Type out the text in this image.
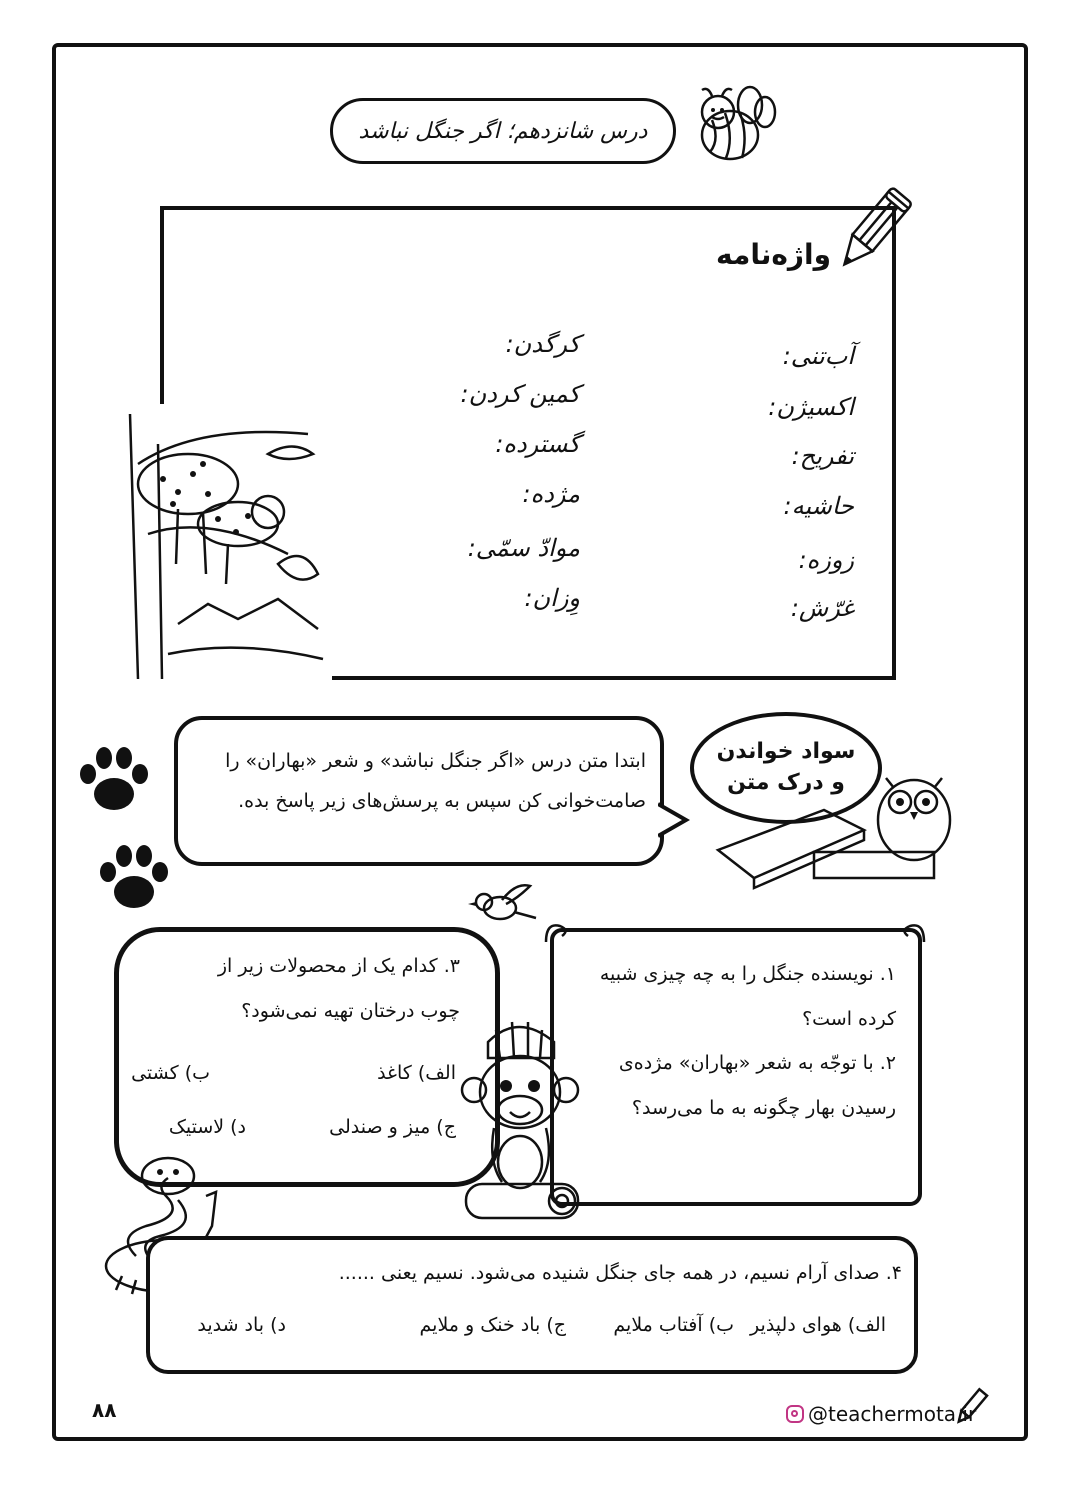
درس شانزدهم؛ اگر جنگل نباشد
واژه‌نامه
آب‌تنی:
اکسیژن:
تفریح:
حاشیه:
زوزه:
غرّش:
کرگدن:
کمین کردن:
گسترده:
مژده:
موادّ سمّی:
وِزان:
ابتدا متن درس «اگر جنگل نباشد» و شعر «بهاران» را
صامت‌خوانی کن سپس به پرسش‌های زیر پاسخ بده.
سواد خواندن
و درک متن
۳. کدام یک از محصولات زیر از
چوب درختان تهیه نمی‌شود؟
الف) کاغذ
ب) کشتی
ج) میز و صندلی
د) لاستیک
۱. نویسنده جنگل را به چه چیزی شبیه
کرده است؟
۲. با توجّه به شعر «بهاران» مژده‌ی
رسیدن بهار چگونه به ما می‌رسد؟
۴. صدای آرام نسیم، در همه جای جنگل شنیده می‌شود. نسیم یعنی ......
الف) هوای دلپذیر
ب) آفتاب ملایم
ج) باد خنک و ملایم
د) باد شدید
۸۸	@teachermota.ir
